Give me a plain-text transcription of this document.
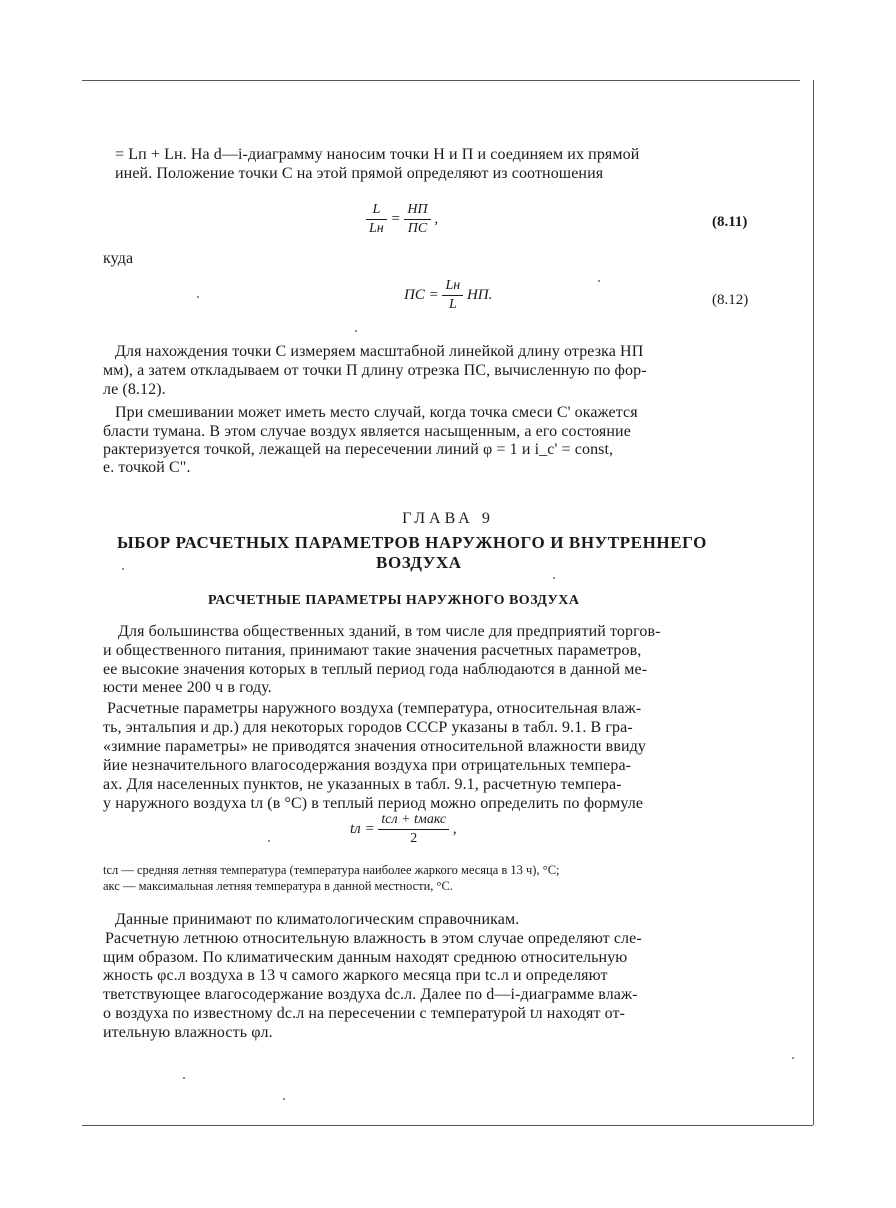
= Lп + Lн. На d—i-диаграмму наносим точки Н и П и соединяем их прямой
иней. Положение точки С на этой прямой определяют из соотношения
$\frac{L}{Lн} = \frac{НП}{ПС}$ ,	(8.11)
куда
ПС = $\frac{Lн}{L}$ НП.	(8.12)
Для нахождения точки С измеряем масштабной линейкой длину отрезка НП
мм), а затем откладываем от точки П длину отрезка ПС, вычисленную по фор-
ле (8.12).
При смешивании может иметь место случай, когда точка смеси С' окажется
бласти тумана. В этом случае воздух является насыщенным, а его состояние
рактеризуется точкой, лежащей на пересечении линий φ = 1 и i_c' = const,
е. точкой С".
ГЛАВА 9
ЫБОР РАСЧЕТНЫХ ПАРАМЕТРОВ НАРУЖНОГО И ВНУТРЕННЕГО
ВОЗДУХА
РАСЧЕТНЫЕ ПАРАМЕТРЫ НАРУЖНОГО ВОЗДУХА
Для большинства общественных зданий, в том числе для предприятий торгов-
и общественного питания, принимают такие значения расчетных параметров,
ее высокие значения которых в теплый период года наблюдаются в данной ме-
юсти менее 200 ч в году.
Расчетные параметры наружного воздуха (температура, относительная влаж-
ть, энтальпия и др.) для некоторых городов СССР указаны в табл. 9.1. В гра-
«зимние параметры» не приводятся значения относительной влажности ввиду
йие незначительного влагосодержания воздуха при отрицательных темпера-
ах. Для населенных пунктов, не указанных в табл. 9.1, расчетную темпера-
у наружного воздуха tл (в °С) в теплый период можно определить по формуле
tл = $\frac{\text{tсл + tмакс}}{2}$ ,
tсл — средняя летняя температура (температура наиболее жаркого месяца в 13 ч), °С;
акс — максимальная летняя температура в данной местности, °С.
Данные принимают по климатологическим справочникам.
Расчетную летнюю относительную влажность в этом случае определяют сле-
щим образом. По климатическим данным находят среднюю относительную
жность φс.л воздуха в 13 ч самого жаркого месяца при tс.л и определяют
тветствующее влагосодержание воздуха dс.л. Далее по d—i-диаграмме влаж-
о воздуха по известному dс.л на пересечении с температурой tл находят от-
ительную влажность φл.
